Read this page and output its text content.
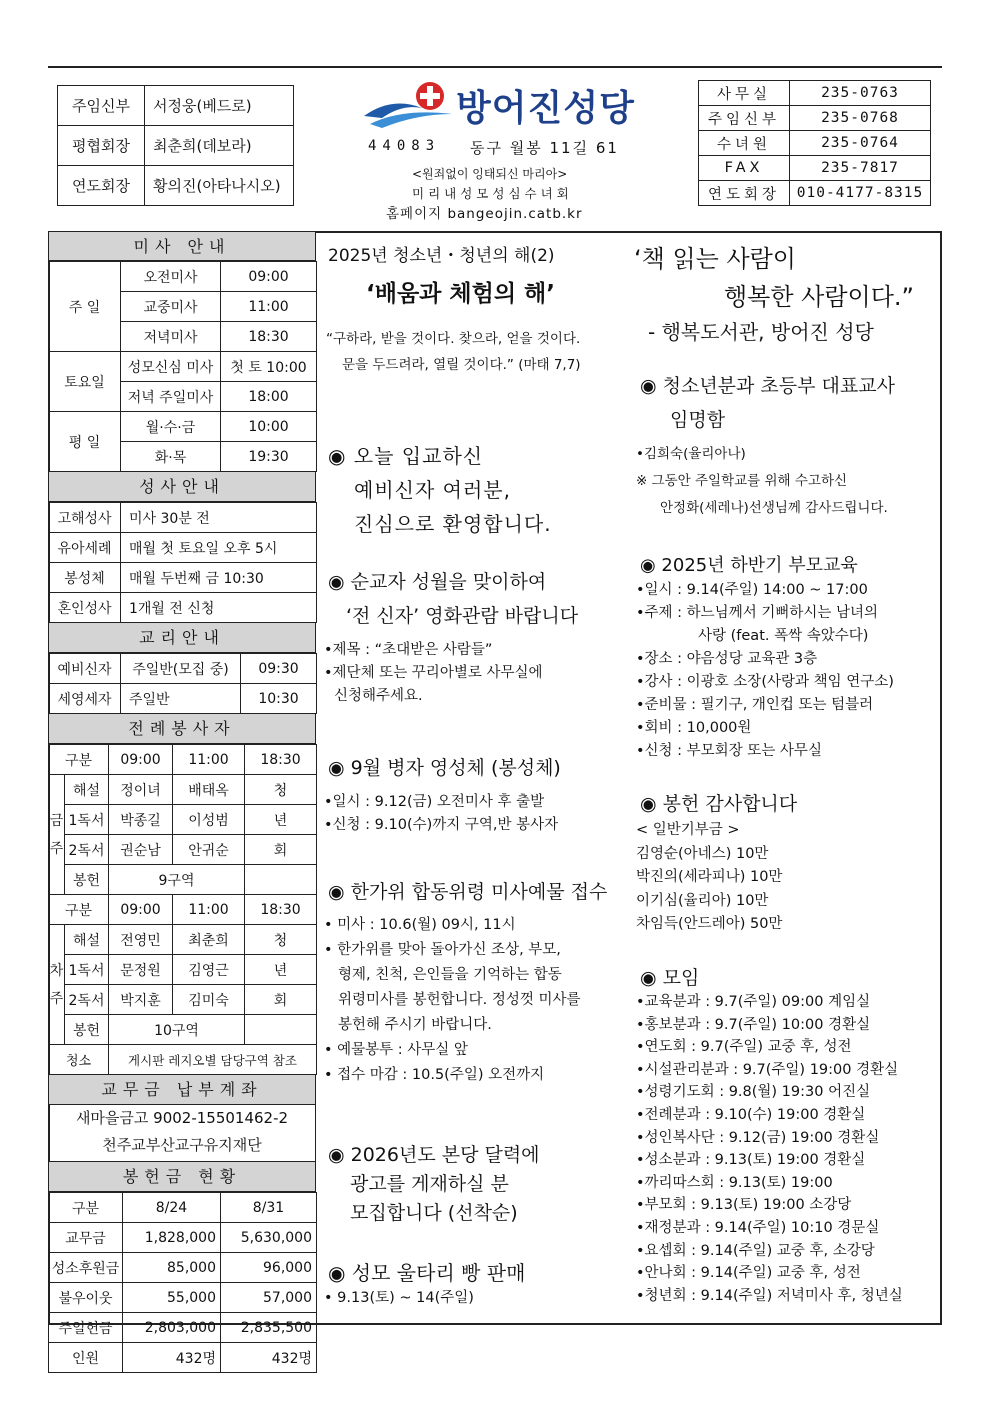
주임신부	서정웅(베드로)
평협회장	최춘희(데보라)
연도회장	황의진(아타나시오)
방어진성당
44083 동구 월봉 11길 61
<원죄없이 잉태되신 마리아>
미리내성모성심수녀회
홈페이지 bangeojin.catb.kr
사무실	235-0763
주임신부	235-0768
수녀원	235-0764
FAX	235-7817
연도회장	010-4177-8315
미사 안내
주 일	오전미사	09:00
	교중미사	11:00
	저녁미사	18:30
토요일	성모신심 미사	첫 토 10:00
	저녁 주일미사	18:00
평 일	월·수·금	10:00
	화·목	19:30
성사안내
고해성사	미사 30분 전
유아세례	매월 첫 토요일 오후 5시
봉성체	매월 두번째 금 10:30
혼인성사	1개월 전 신청
교리안내
예비신자	주일반(모집 중)	09:30
세영세자	주일반	10:30
전례봉사자
구분		09:00	11:00	18:30
금
주	해설	정이녀	배태옥	청
	1독서	박종길	이성범	년
	2독서	권순남	안귀순	회
	봉헌	9구역		
구분		09:00	11:00	18:30
차
주	해설	전영민	최춘희	청
	1독서	문정원	김영근	년
	2독서	박지훈	김미숙	회
	봉헌	10구역		
청소		게시판 레지오별 담당구역 참조		
교무금 납부계좌
새마을금고 9002-15501462-2
천주교부산교구유지재단
봉헌금 현황
구분	8/24	8/31
교무금	1,828,000	5,630,000
성소후원금	85,000	96,000
불우이웃	55,000	57,000
주일헌금	2,803,000	2,835,500
인원	432명	432명
2025년 청소년・청년의 해(2)
‘배움과 체험의 해’
“구하라, 받을 것이다. 찾으라, 얻을 것이다.
문을 두드려라, 열릴 것이다.” (마태 7,7)
◉ 오늘 입교하신
예비신자 여러분,
진심으로 환영합니다.
◉ 순교자 성월을 맞이하여
‘전 신자’ 영화관람 바랍니다
•제목 : “초대받은 사람들”
•제단체 또는 꾸리아별로 사무실에
신청해주세요.
◉ 9월 병자 영성체 (봉성체)
•일시 : 9.12(금) 오전미사 후 출발
•신청 : 9.10(수)까지 구역,반 봉사자
◉ 한가위 합동위령 미사예물 접수
• 미사 : 10.6(월) 09시, 11시
• 한가위를 맞아 돌아가신 조상, 부모,
형제, 친척, 은인들을 기억하는 합동
위령미사를 봉헌합니다. 정성껏 미사를
봉헌해 주시기 바랍니다.
• 예물봉투 : 사무실 앞
• 접수 마감 : 10.5(주일) 오전까지
◉ 2026년도 본당 달력에
광고를 게재하실 분
모집합니다 (선착순)
◉ 성모 울타리 빵 판매
• 9.13(토) ~ 14(주일)
‘책 읽는 사람이
행복한 사람이다.”
- 행복도서관, 방어진 성당
◉ 청소년분과 초등부 대표교사
임명함
•김희숙(율리아나)
※ 그동안 주일학교를 위해 수고하신
안정화(세레나)선생님께 감사드립니다.
◉ 2025년 하반기 부모교육
•일시 : 9.14(주일) 14:00 ~ 17:00
•주제 : 하느님께서 기뻐하시는 남녀의
사랑 (feat. 폭싹 속았수다)
•장소 : 야음성당 교육관 3층
•강사 : 이광호 소장(사랑과 책임 연구소)
•준비물 : 필기구, 개인컵 또는 텀블러
•회비 : 10,000원
•신청 : 부모회장 또는 사무실
◉ 봉헌 감사합니다
< 일반기부금 >
김영순(아네스) 10만
박진의(세라피나) 10만
이기심(율리아) 10만
차임득(안드레아) 50만
◉ 모임
•교육분과 : 9.7(주일) 09:00 계임실
•홍보분과 : 9.7(주일) 10:00 경환실
•연도회 : 9.7(주일) 교중 후, 성전
•시설관리분과 : 9.7(주일) 19:00 경환실
•성령기도회 : 9.8(월) 19:30 어진실
•전례분과 : 9.10(수) 19:00 경환실
•성인복사단 : 9.12(금) 19:00 경환실
•성소분과 : 9.13(토) 19:00 경환실
•까리따스회 : 9.13(토) 19:00
•부모회 : 9.13(토) 19:00 소강당
•재정분과 : 9.14(주일) 10:10 경문실
•요셉회 : 9.14(주일) 교중 후, 소강당
•안나회 : 9.14(주일) 교중 후, 성전
•청년회 : 9.14(주일) 저녁미사 후, 청년실
